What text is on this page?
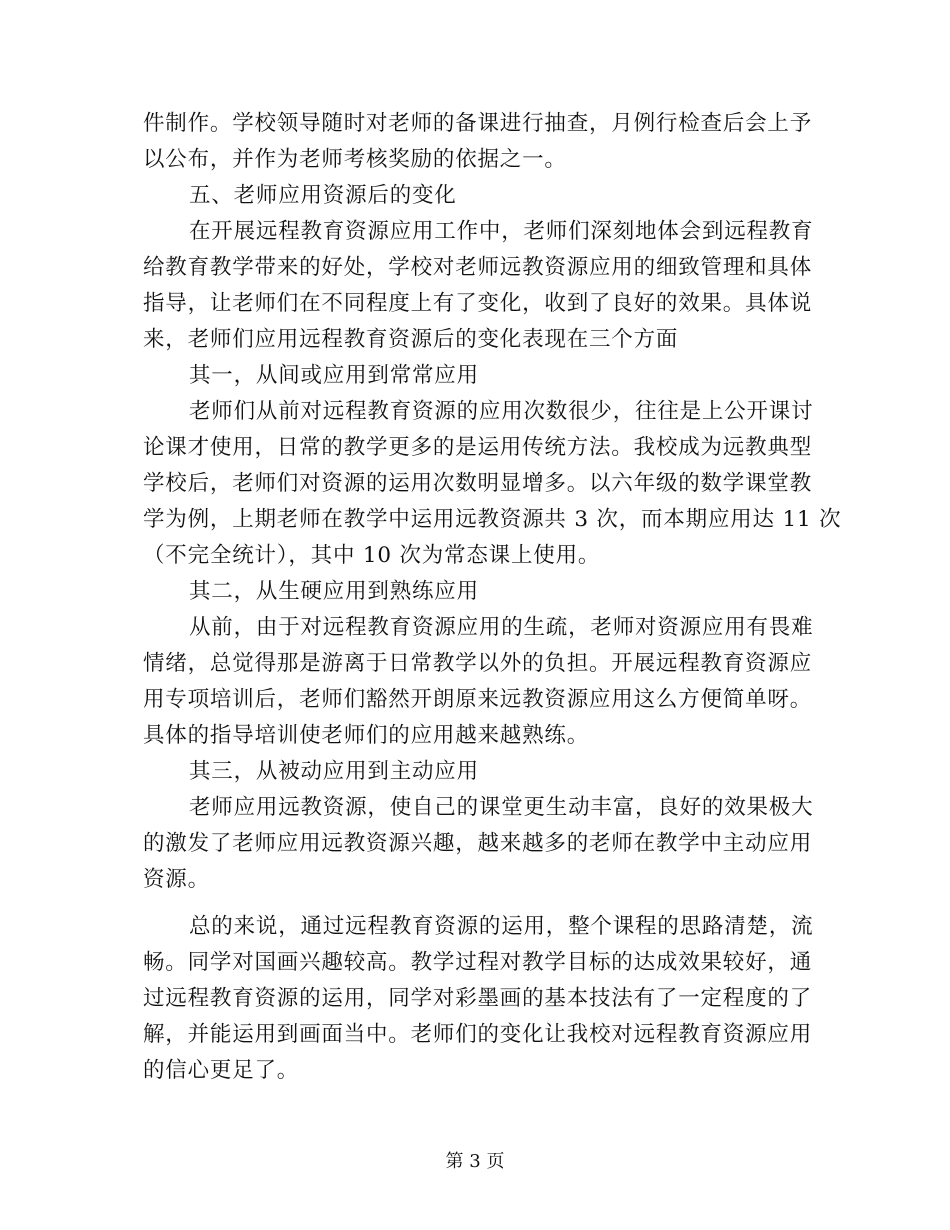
件制作。学校领导随时对老师的备课进行抽查，月例行检查后会上予
以公布，并作为老师考核奖励的依据之一。
五、老师应用资源后的变化
在开展远程教育资源应用工作中，老师们深刻地体会到远程教育
给教育教学带来的好处，学校对老师远教资源应用的细致管理和具体
指导，让老师们在不同程度上有了变化，收到了良好的效果。具体说
来，老师们应用远程教育资源后的变化表现在三个方面
其一，从间或应用到常常应用
老师们从前对远程教育资源的应用次数很少，往往是上公开课讨
论课才使用，日常的教学更多的是运用传统方法。我校成为远教典型
学校后，老师们对资源的运用次数明显增多。以六年级的数学课堂教
学为例，上期老师在教学中运用远教资源共 3 次，而本期应用达 11 次
（不完全统计），其中 10 次为常态课上使用。
其二，从生硬应用到熟练应用
从前，由于对远程教育资源应用的生疏，老师对资源应用有畏难
情绪，总觉得那是游离于日常教学以外的负担。开展远程教育资源应
用专项培训后，老师们豁然开朗原来远教资源应用这么方便简单呀。
具体的指导培训使老师们的应用越来越熟练。
其三，从被动应用到主动应用
老师应用远教资源，使自己的课堂更生动丰富，良好的效果极大
的激发了老师应用远教资源兴趣，越来越多的老师在教学中主动应用
资源。
总的来说，通过远程教育资源的运用，整个课程的思路清楚，流
畅。同学对国画兴趣较高。教学过程对教学目标的达成效果较好，通
过远程教育资源的运用，同学对彩墨画的基本技法有了一定程度的了
解，并能运用到画面当中。老师们的变化让我校对远程教育资源应用
的信心更足了。
第 3 页
